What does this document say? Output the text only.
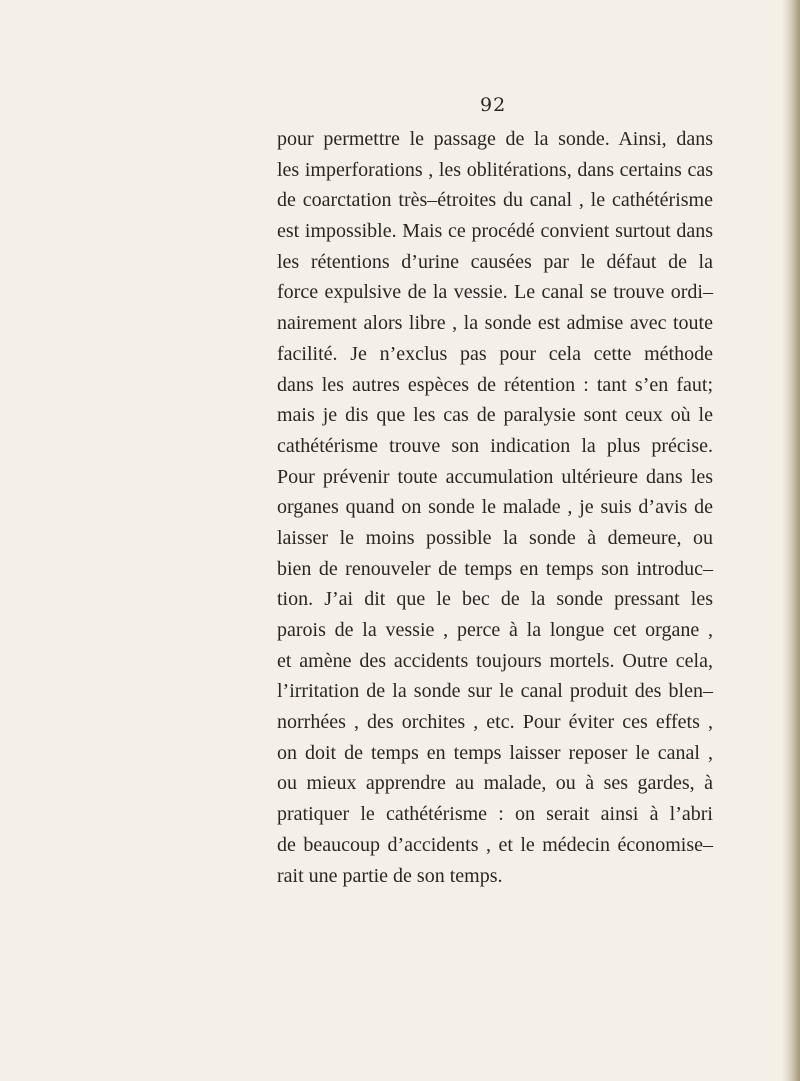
92
pour permettre le passage de la sonde. Ainsi, dans
les imperforations , les oblitérations, dans certains cas
de coarctation très–étroites du canal , le cathétérisme
est impossible. Mais ce procédé convient surtout dans
les rétentions d’urine causées par le défaut de la
force expulsive de la vessie. Le canal se trouve ordi–
nairement alors libre , la sonde est admise avec toute
facilité. Je n’exclus pas pour cela cette méthode
dans les autres espèces de rétention : tant s’en faut;
mais je dis que les cas de paralysie sont ceux où le
cathétérisme trouve son indication la plus précise.
Pour prévenir toute accumulation ultérieure dans les
organes quand on sonde le malade , je suis d’avis de
laisser le moins possible la sonde à demeure, ou
bien de renouveler de temps en temps son introduc–
tion. J’ai dit que le bec de la sonde pressant les
parois de la vessie , perce à la longue cet organe ,
et amène des accidents toujours mortels. Outre cela,
l’irritation de la sonde sur le canal produit des blen–
norrhées , des orchites , etc. Pour éviter ces effets ,
on doit de temps en temps laisser reposer le canal ,
ou mieux apprendre au malade, ou à ses gardes, à
pratiquer le cathétérisme : on serait ainsi à l’abri
de beaucoup d’accidents , et le médecin économise–
rait une partie de son temps.
